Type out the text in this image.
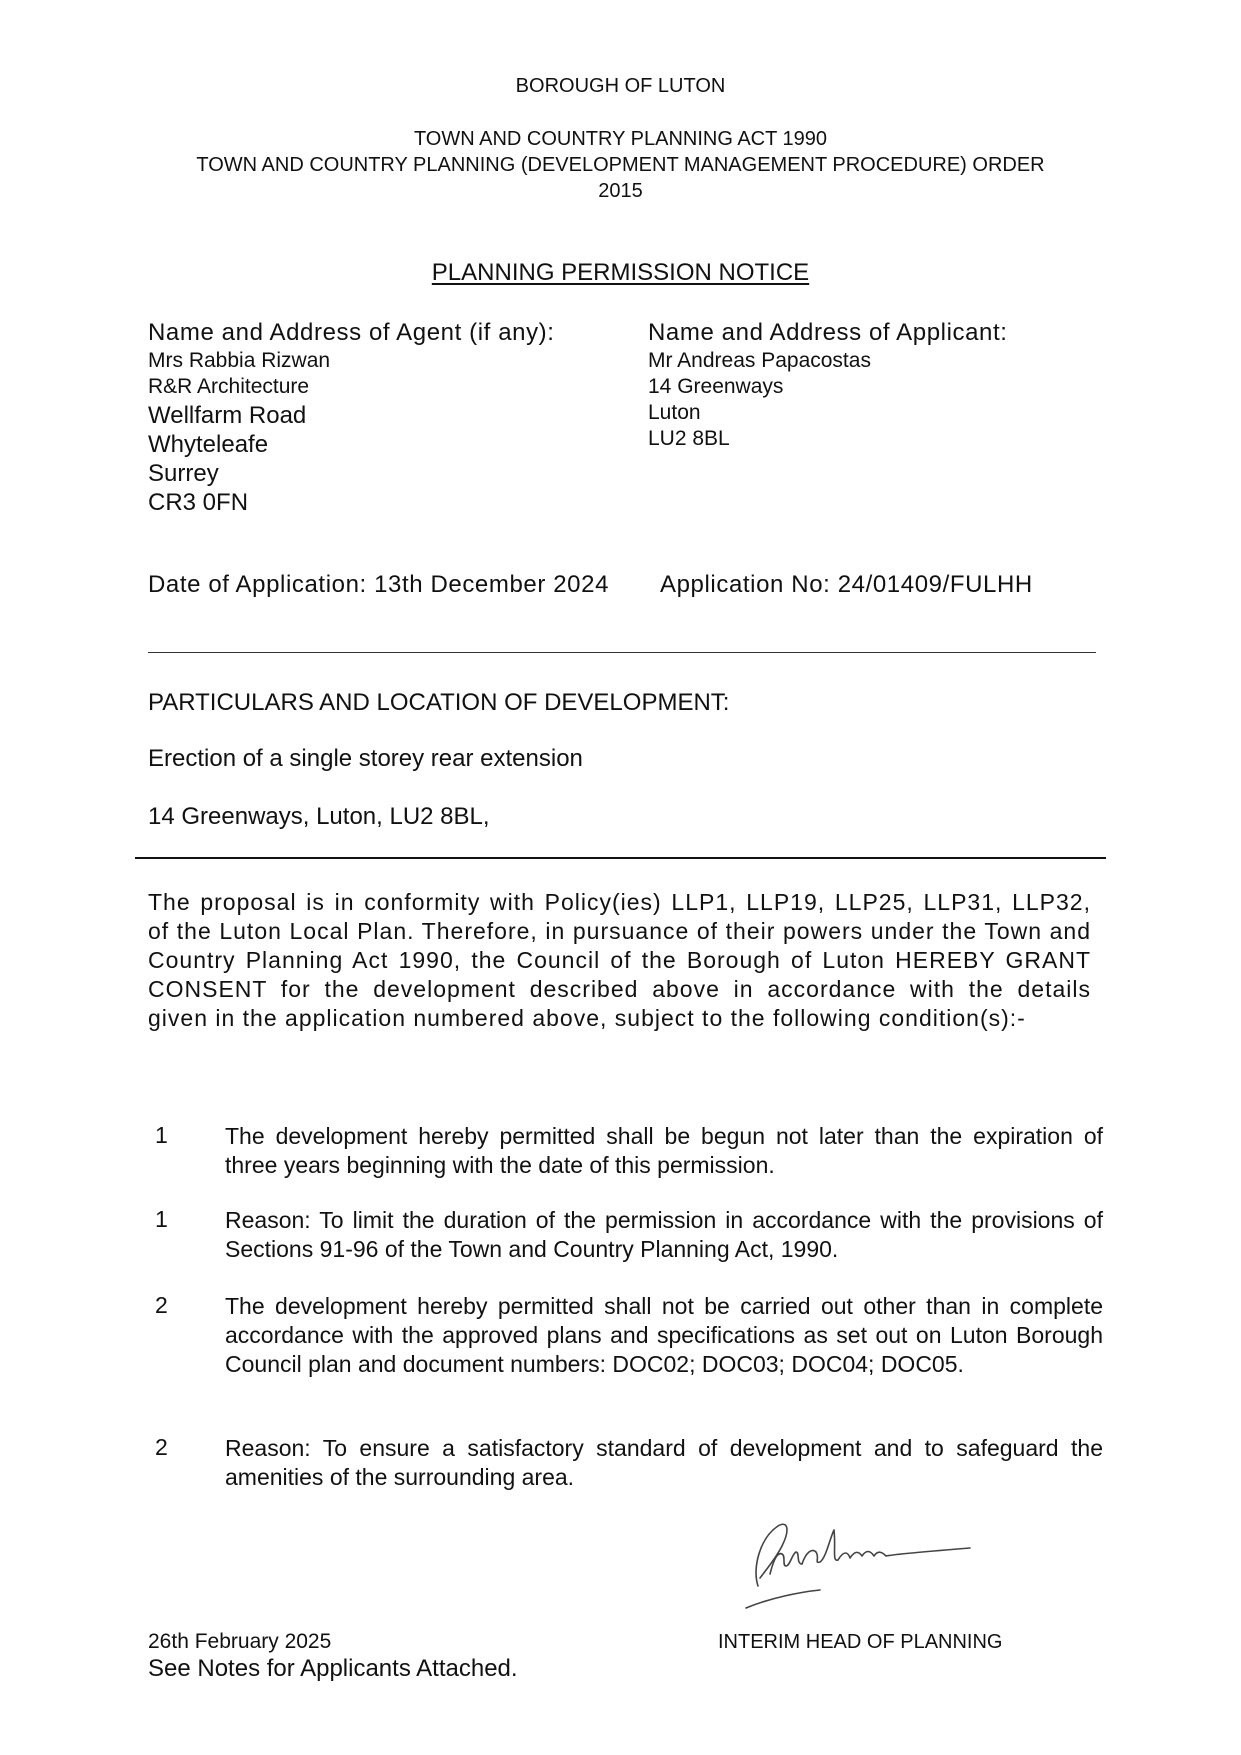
BOROUGH OF LUTON
TOWN AND COUNTRY PLANNING ACT 1990
TOWN AND COUNTRY PLANNING (DEVELOPMENT MANAGEMENT PROCEDURE) ORDER
2015
PLANNING PERMISSION NOTICE
Name and Address of Agent (if any):
Mrs Rabbia Rizwan
R&R Architecture
Wellfarm Road
Whyteleafe
Surrey
CR3 0FN
Name and Address of Applicant:
Mr Andreas Papacostas
14 Greenways
Luton
LU2 8BL
Date of Application: 13th December 2024 Application No: 24/01409/FULHH
PARTICULARS AND LOCATION OF DEVELOPMENT:
Erection of a single storey rear extension
14 Greenways, Luton, LU2 8BL,
The proposal is in conformity with Policy(ies) LLP1, LLP19, LLP25, LLP31, LLP32, of the Luton Local Plan. Therefore, in pursuance of their powers under the Town and Country Planning Act 1990, the Council of the Borough of Luton HEREBY GRANT CONSENT for the development described above in accordance with the details given in the application numbered above, subject to the following condition(s):-
1 The development hereby permitted shall be begun not later than the expiration of three years beginning with the date of this permission.
1 Reason: To limit the duration of the permission in accordance with the provisions of Sections 91-96 of the Town and Country Planning Act, 1990.
2 The development hereby permitted shall not be carried out other than in complete accordance with the approved plans and specifications as set out on Luton Borough Council plan and document numbers: DOC02; DOC03; DOC04; DOC05.
2 Reason: To ensure a satisfactory standard of development and to safeguard the amenities of the surrounding area.
26th February 2025
See Notes for Applicants Attached.
INTERIM HEAD OF PLANNING
